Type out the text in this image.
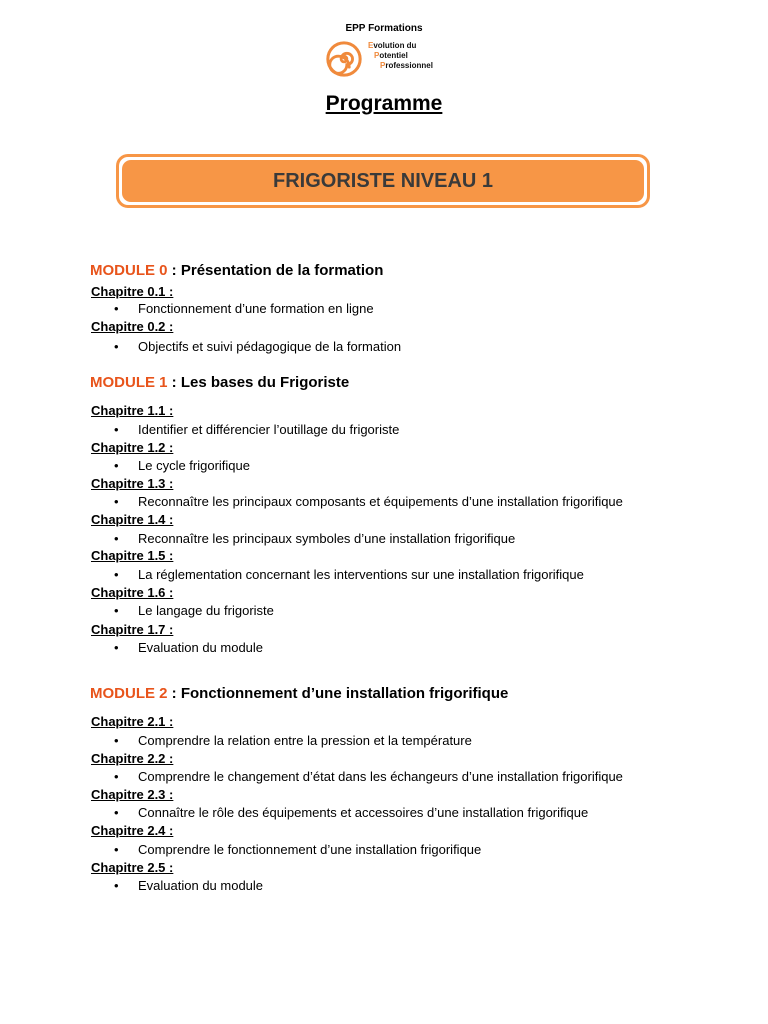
EPP Formations
Evolution du
Potentiel
Professionnel
Programme
FRIGORISTE NIVEAU 1
MODULE 0 : Présentation de la formation
Chapitre 0.1 :
• Fonctionnement d’une formation en ligne
Chapitre 0.2 :
• Objectifs et suivi pédagogique de la formation
MODULE 1 : Les bases du Frigoriste
Chapitre 1.1 :
• Identifier et différencier l’outillage du frigoriste
Chapitre 1.2 :
• Le cycle frigorifique
Chapitre 1.3 :
• Reconnaître les principaux composants et équipements d’une installation frigorifique
Chapitre 1.4 :
• Reconnaître les principaux symboles d’une installation frigorifique
Chapitre 1.5 :
• La réglementation concernant les interventions sur une installation frigorifique
Chapitre 1.6 :
• Le langage du frigoriste
Chapitre 1.7 :
• Evaluation du module
MODULE 2 : Fonctionnement d’une installation frigorifique
Chapitre 2.1 :
• Comprendre la relation entre la pression et la température
Chapitre 2.2 :
• Comprendre le changement d’état dans les échangeurs d’une installation frigorifique
Chapitre 2.3 :
• Connaître le rôle des équipements et accessoires d’une installation frigorifique
Chapitre 2.4 :
• Comprendre le fonctionnement d’une installation frigorifique
Chapitre 2.5 :
• Evaluation du module
